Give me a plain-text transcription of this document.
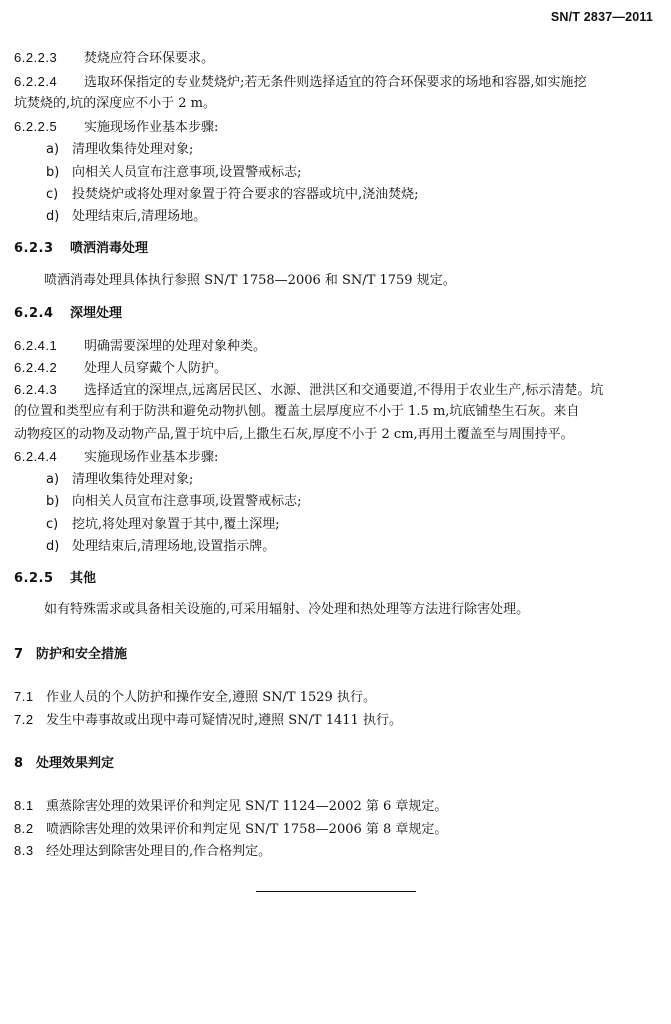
SN/T 2837—2011
6.2.2.3 焚烧应符合环保要求。
6.2.2.4 选取环保指定的专业焚烧炉;若无条件则选择适宜的符合环保要求的场地和容器,如实施挖
坑焚烧的,坑的深度应不小于 2 m。
6.2.2.5 实施现场作业基本步骤:
a) 清理收集待处理对象;
b) 向相关人员宣布注意事项,设置警戒标志;
c) 投焚烧炉或将处理对象置于符合要求的容器或坑中,浇油焚烧;
d) 处理结束后,清理场地。
6.2.3 喷洒消毒处理
喷洒消毒处理具体执行参照 SN/T 1758—2006 和 SN/T 1759 规定。
6.2.4 深埋处理
6.2.4.1 明确需要深埋的处理对象种类。
6.2.4.2 处理人员穿戴个人防护。
6.2.4.3 选择适宜的深埋点,远离居民区、水源、泄洪区和交通要道,不得用于农业生产,标示清楚。坑
的位置和类型应有利于防洪和避免动物扒刨。覆盖土层厚度应不小于 1.5 m,坑底铺垫生石灰。来自
动物疫区的动物及动物产品,置于坑中后,上撒生石灰,厚度不小于 2 cm,再用土覆盖至与周围持平。
6.2.4.4 实施现场作业基本步骤:
a) 清理收集待处理对象;
b) 向相关人员宣布注意事项,设置警戒标志;
c) 挖坑,将处理对象置于其中,覆土深埋;
d) 处理结束后,清理场地,设置指示牌。
6.2.5 其他
如有特殊需求或具备相关设施的,可采用辐射、冷处理和热处理等方法进行除害处理。
7 防护和安全措施
7.1 作业人员的个人防护和操作安全,遵照 SN/T 1529 执行。
7.2 发生中毒事故或出现中毒可疑情况时,遵照 SN/T 1411 执行。
8 处理效果判定
8.1 熏蒸除害处理的效果评价和判定见 SN/T 1124—2002 第 6 章规定。
8.2 喷洒除害处理的效果评价和判定见 SN/T 1758—2006 第 8 章规定。
8.3 经处理达到除害处理目的,作合格判定。
